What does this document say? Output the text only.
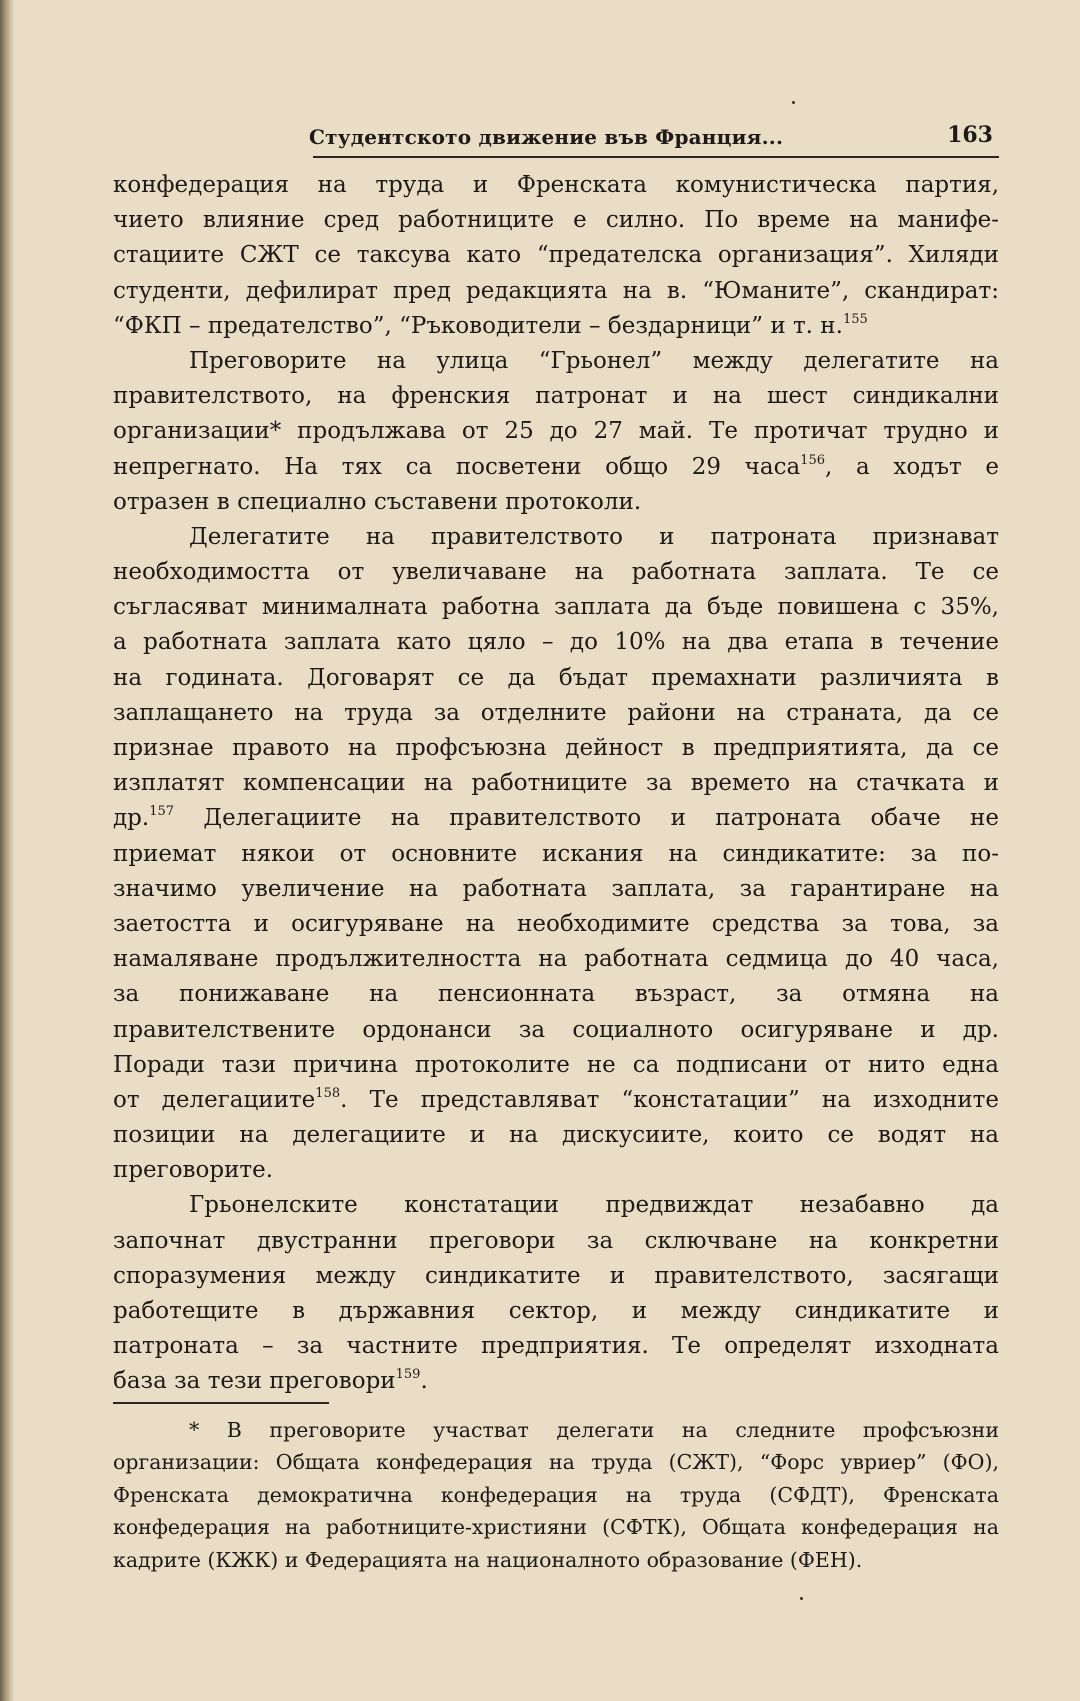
Студентското движение във Франция...	163
конфедерация на труда и Френската комунистическа партия,
чието влияние сред работниците е силно. По време на манифе-
стациите СЖТ се таксува като “предателска организация”. Хиляди
студенти, дефилират пред редакцията на в. “Юманите”, скандират:
“ФКП – предателство”, “Ръководители – бездарници” и т. н.$^{155}$
Преговорите на улица “Грьонел” между делегатите на
правителството, на френския патронат и на шест синдикални
организации* продължава от 25 до 27 май. Те протичат трудно и
непрегнато. На тях са посветени общо 29 часа$^{156}$, а ходът е
отразен в специално съставени протоколи.
Делегатите на правителството и патроната признават
необходимостта от увеличаване на работната заплата. Те се
съгласяват минималната работна заплата да бъде повишена с 35%,
а работната заплата като цяло – до 10% на два етапа в течение
на годината. Договарят се да бъдат премахнати различията в
заплащането на труда за отделните райони на страната, да се
признае правото на профсъюзна дейност в предприятията, да се
изплатят компенсации на работниците за времето на стачката и
др.$^{157}$ Делегациите на правителството и патроната обаче не
приемат някои от основните искания на синдикатите: за по-
значимо увеличение на работната заплата, за гарантиране на
заетостта и осигуряване на необходимите средства за това, за
намаляване продължителността на работната седмица до 40 часа,
за понижаване на пенсионната възраст, за отмяна на
правителствените ордонанси за социалното осигуряване и др.
Поради тази причина протоколите не са подписани от нито една
от делегациите$^{158}$. Те представляват “констатации” на изходните
позиции на делегациите и на дискусиите, които се водят на
преговорите.
Грьонелските констатации предвиждат незабавно да
започнат двустранни преговори за сключване на конкретни
споразумения между синдикатите и правителството, засягащи
работещите в държавния сектор, и между синдикатите и
патроната – за частните предприятия. Те определят изходната
база за тези преговори$^{159}$.
* В преговорите участват делегати на следните профсъюзни
организации: Общата конфедерация на труда (СЖТ), “Форс увриер” (ФО),
Френската демократична конфедерация на труда (СФДТ), Френската
конфедерация на работниците-християни (СФТК), Общата конфедерация на
кадрите (КЖК) и Федерацията на националното образование (ФЕН).
